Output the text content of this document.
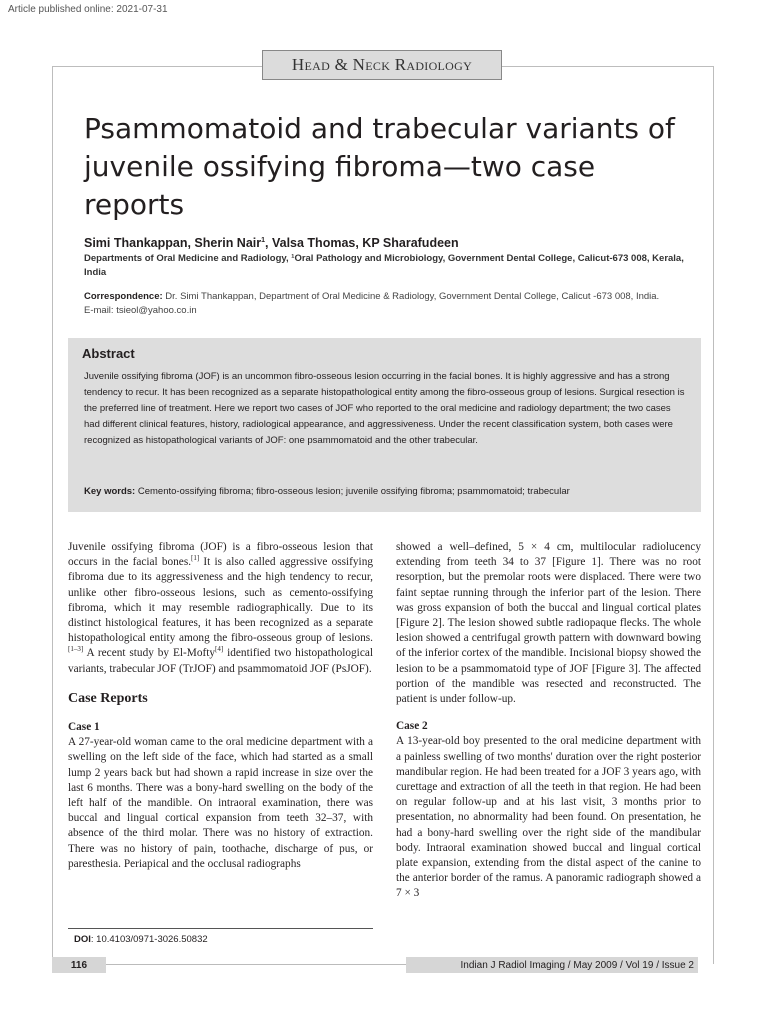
Article published online: 2021-07-31
Head & Neck Radiology
Psammomatoid and trabecular variants of juvenile ossifying fibroma—two case reports
Simi Thankappan, Sherin Nair$^1$, Valsa Thomas, KP Sharafudeen
Departments of Oral Medicine and Radiology, ¹Oral Pathology and Microbiology, Government Dental College, Calicut-673 008, Kerala, India
Correspondence: Dr. Simi Thankappan, Department of Oral Medicine & Radiology, Government Dental College, Calicut -673 008, India.
E-mail: tsieol@yahoo.co.in
Abstract
Juvenile ossifying fibroma (JOF) is an uncommon fibro-osseous lesion occurring in the facial bones. It is highly aggressive and has a strong tendency to recur. It has been recognized as a separate histopathological entity among the fibro-osseous group of lesions. Surgical resection is the preferred line of treatment. Here we report two cases of JOF who reported to the oral medicine and radiology department; the two cases had different clinical features, history, radiological appearance, and aggressiveness. Under the recent classification system, both cases were recognized as histopathological variants of JOF: one psammomatoid and the other trabecular.
Key words: Cemento-ossifying fibroma; fibro-osseous lesion; juvenile ossifying fibroma; psammomatoid; trabecular

Juvenile ossifying fibroma (JOF) is a fibro-osseous lesion that occurs in the facial bones.[1] It is also called aggressive ossifying fibroma due to its aggressiveness and the high tendency to recur, unlike other fibro-osseous lesions, such as cemento-ossifying fibroma, which it may resemble radiographically. Due to its distinct histological features, it has been recognized as a separate histopathological entity among the fibro-osseous group of lesions.[1–3] A recent study by El-Mofty[4] identified two histopathological variants, trabecular JOF (TrJOF) and psammomatoid JOF (PsJOF).

Case Reports
Case 1

A 27-year-old woman came to the oral medicine department with a swelling on the left side of the face, which had started as a small lump 2 years back but had shown a rapid increase in size over the last 6 months. There was a bony-hard swelling on the body of the left half of the mandible. On intraoral examination, there was buccal and lingual cortical expansion from teeth 32–37, with absence of the third molar. There was no history of extraction. There was no history of pain, toothache, discharge of pus, or paresthesia. Periapical and the occlusal radiographs

showed a well–defined, 5 × 4 cm, multilocular radiolucency extending from teeth 34 to 37 [Figure 1]. There was no root resorption, but the premolar roots were displaced. There were two faint septae running through the inferior part of the lesion. There was gross expansion of both the buccal and lingual cortical plates [Figure 2]. The lesion showed subtle radiopaque flecks. The whole lesion showed a centrifugal growth pattern with downward bowing of the inferior cortex of the mandible. Incisional biopsy showed the lesion to be a psammomatoid type of JOF [Figure 3]. The affected portion of the mandible was resected and reconstructed. The patient is under follow-up.

Case 2

A 13-year-old boy presented to the oral medicine department with a painless swelling of two months' duration over the right posterior mandibular region. He had been treated for a JOF 3 years ago, with curettage and extraction of all the teeth in that region. He had been on regular follow-up and at his last visit, 3 months prior to presentation, no abnormality had been found. On presentation, he had a bony-hard swelling over the right side of the mandibular body. Intraoral examination showed buccal and lingual cortical plate expansion, extending from the distal aspect of the canine to the anterior border of the ramus. A panoramic radiograph showed a 7 × 3

DOI: 10.4103/0971-3026.50832
116	Indian J Radiol Imaging / May 2009 / Vol 19 / Issue 2
